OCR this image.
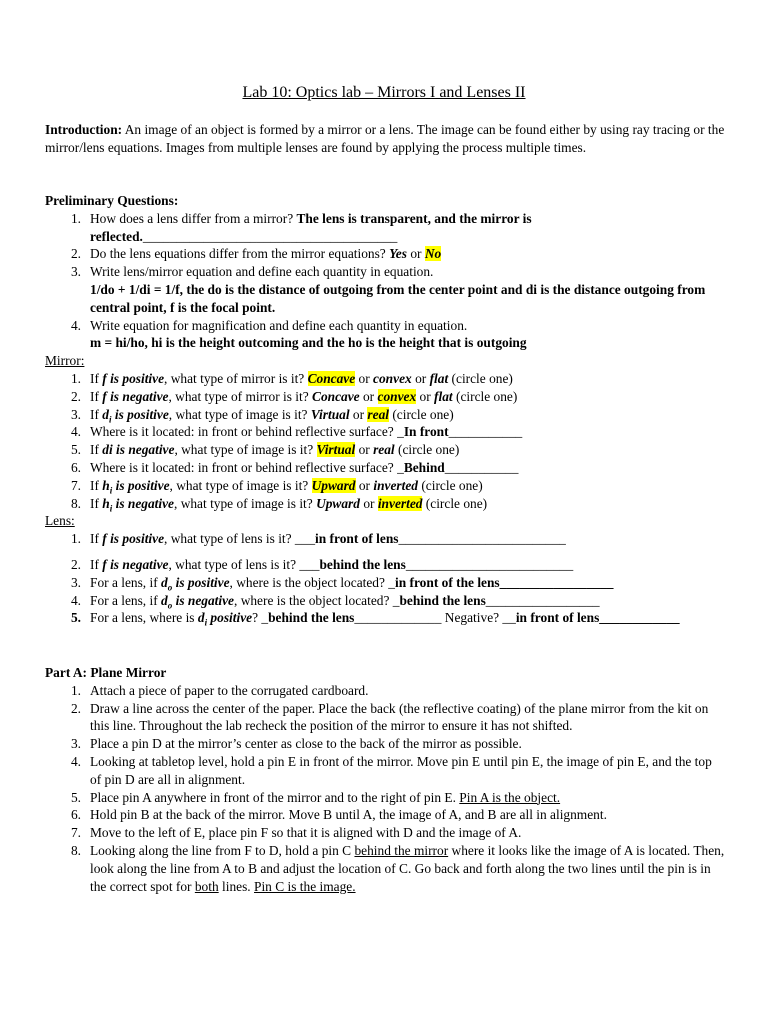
Lab 10: Optics lab – Mirrors I and Lenses II
Introduction: An image of an object is formed by a mirror or a lens. The image can be found either by using ray tracing or the mirror/lens equations. Images from multiple lenses are found by applying the process multiple times.
Preliminary Questions:
1. How does a lens differ from a mirror? The lens is transparent, and the mirror is reflected.______________________________________
2. Do the lens equations differ from the mirror equations? Yes or No
3. Write lens/mirror equation and define each quantity in equation.
1/do + 1/di = 1/f, the do is the distance of outgoing from the center point and di is the distance outgoing from central point, f is the focal point.
4. Write equation for magnification and define each quantity in equation.
m = hi/ho, hi is the height outcoming and the ho is the height that is outgoing
Mirror:
1. If f is positive, what type of mirror is it? Concave or convex or flat (circle one)
2. If f is negative, what type of mirror is it? Concave or convex or flat (circle one)
3. If $d_i$ is positive, what type of image is it? Virtual or real (circle one)
4. Where is it located: in front or behind reflective surface? _In front___________
5. If di is negative, what type of image is it? Virtual or real (circle one)
6. Where is it located: in front or behind reflective surface? _Behind___________
7. If $h_i$ is positive, what type of image is it? Upward or inverted (circle one)
8. If $h_i$ is negative, what type of image is it? Upward or inverted (circle one)
Lens:
1. If f is positive, what type of lens is it? ___in front of lens_________________________
2. If f is negative, what type of lens is it? ___behind the lens_________________________
3. For a lens, if $d_o$ is positive, where is the object located? _in front of the lens_________________
4. For a lens, if $d_o$ is negative, where is the object located? _behind the lens_________________
5. For a lens, where is $d_i$ positive? _behind the lens_____________ Negative? __in front of lens____________
Part A: Plane Mirror
1. Attach a piece of paper to the corrugated cardboard.
2. Draw a line across the center of the paper. Place the back (the reflective coating) of the plane mirror from the kit on this line. Throughout the lab recheck the position of the mirror to ensure it has not shifted.
3. Place a pin D at the mirror’s center as close to the back of the mirror as possible.
4. Looking at tabletop level, hold a pin E in front of the mirror. Move pin E until pin E, the image of pin E, and the top of pin D are all in alignment.
5. Place pin A anywhere in front of the mirror and to the right of pin E. Pin A is the object.
6. Hold pin B at the back of the mirror. Move B until A, the image of A, and B are all in alignment.
7. Move to the left of E, place pin F so that it is aligned with D and the image of A.
8. Looking along the line from F to D, hold a pin C behind the mirror where it looks like the image of A is located. Then, look along the line from A to B and adjust the location of C. Go back and forth along the two lines until the pin is in the correct spot for both lines. Pin C is the image.
